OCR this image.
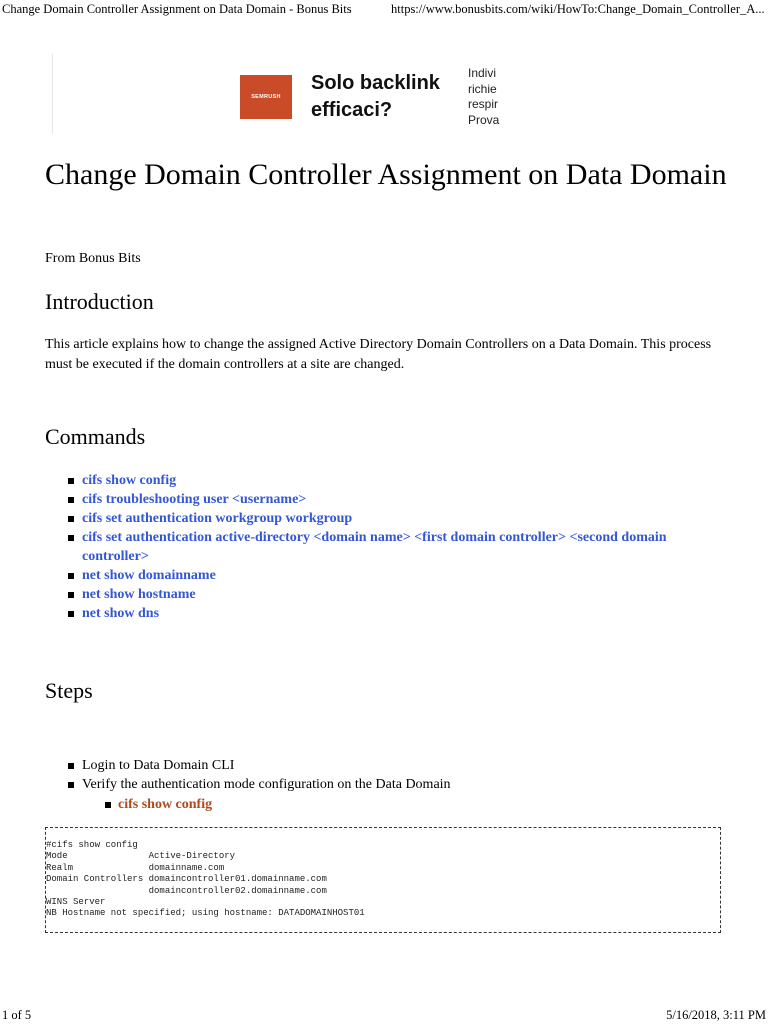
Change Domain Controller Assignment on Data Domain - Bonus Bits	https://www.bonusbits.com/wiki/HowTo:Change_Domain_Controller_A...
SEMRUSH
Solo backlink efficaci?
Indivi
richie
respir
Prova
Change Domain Controller Assignment on Data Domain
From Bonus Bits
Introduction

This article explains how to change the assigned Active Directory Domain Controllers on a Data Domain. This process must be executed if the domain controllers at a site are changed.

Commands
cifs show config
cifs troubleshooting user <username>
cifs set authentication workgroup workgroup
cifs set authentication active-directory <domain name> <first domain controller> <second domain controller>
net show domainname
net show hostname
net show dns
Steps
Login to Data Domain CLI
Verify the authentication mode configuration on the Data Domain
cifs show config
#cifs show config
Mode               Active-Directory
Realm              domainname.com
Domain Controllers domaincontroller01.domainname.com
domaincontroller02.domainname.com
WINS Server
NB Hostname not specified; using hostname: DATADOMAINHOST01
1 of 5	5/16/2018, 3:11 PM
